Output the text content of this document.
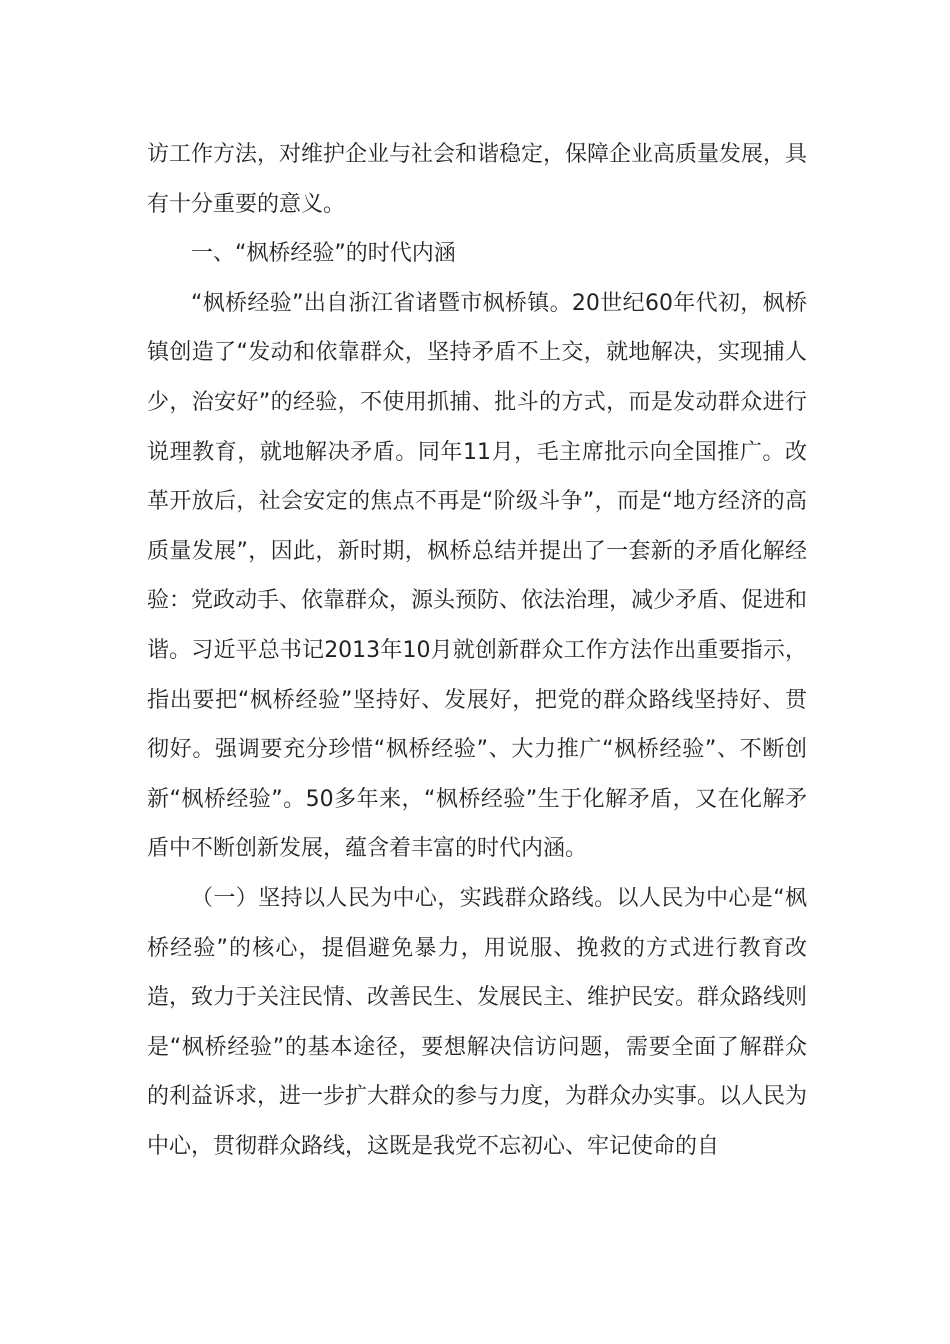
访工作方法，对维护企业与社会和谐稳定，保障企业高质量发展，具有十分重要的意义。

一、“枫桥经验”的时代内涵

“枫桥经验”出自浙江省诸暨市枫桥镇。20世纪60年代初，枫桥镇创造了“发动和依靠群众，坚持矛盾不上交，就地解决，实现捕人少，治安好”的经验，不使用抓捕、批斗的方式，而是发动群众进行说理教育，就地解决矛盾。同年11月，毛主席批示向全国推广。改革开放后，社会安定的焦点不再是“阶级斗争”，而是“地方经济的高质量发展”，因此，新时期，枫桥总结并提出了一套新的矛盾化解经验：党政动手、依靠群众，源头预防、依法治理，减少矛盾、促进和谐。习近平总书记2013年10月就创新群众工作方法作出重要指示，指出要把“枫桥经验”坚持好、发展好，把党的群众路线坚持好、贯彻好。强调要充分珍惜“枫桥经验”、大力推广“枫桥经验”、不断创新“枫桥经验”。50多年来，“枫桥经验”生于化解矛盾，又在化解矛盾中不断创新发展，蕴含着丰富的时代内涵。

（一）坚持以人民为中心，实践群众路线。以人民为中心是“枫桥经验”的核心，提倡避免暴力，用说服、挽救的方式进行教育改造，致力于关注民情、改善民生、发展民主、维护民安。群众路线则是“枫桥经验”的基本途径，要想解决信访问题，需要全面了解群众的利益诉求，进一步扩大群众的参与力度，为群众办实事。以人民为中心，贯彻群众路线，这既是我党不忘初心、牢记使命的自
